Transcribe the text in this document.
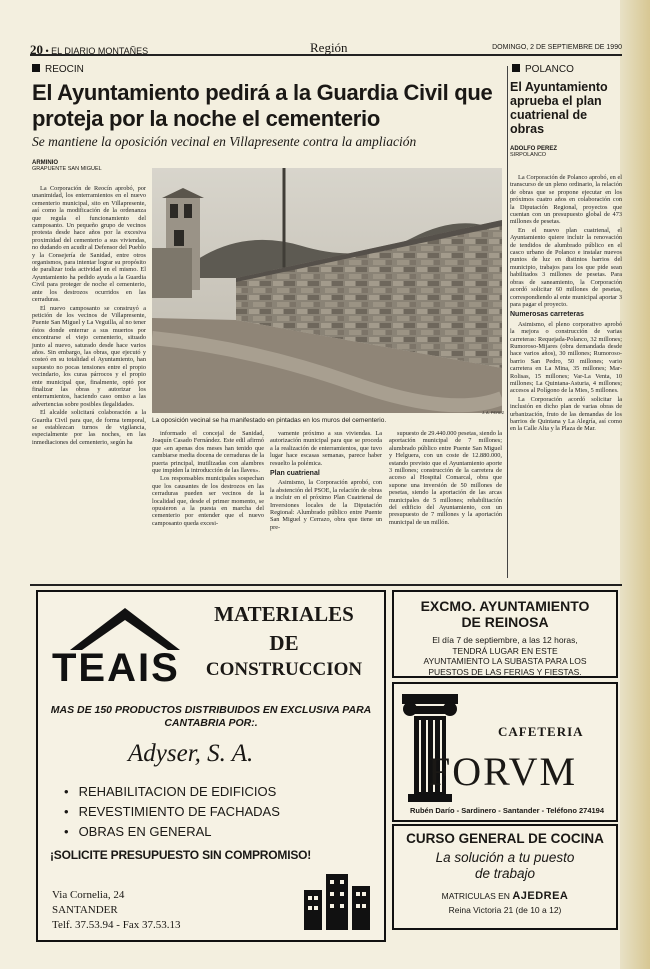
20 • EL DIARIO MONTAÑES	Región	DOMINGO, 2 DE SEPTIEMBRE DE 1990
REOCIN
El Ayuntamiento pedirá a la Guardia Civil que proteja por la noche el cementerio
Se mantiene la oposición vecinal en Villapresente contra la ampliación
ARMINIO
GRAPUENTE SAN MIGUEL

La Corporación de Reocín aprobó, por unanimidad, los enterramientos en el nuevo cementerio municipal, sito en Villapresente, así como la modificación de la ordenanza que regula el funcionamiento del camposanto. Un pequeño grupo de vecinos protesta desde hace años por la excesiva proximidad del cementerio a sus viviendas, no dudando en acudir al Defensor del Pueblo y la Consejería de Sanidad, entre otros organismos, para intentar lograr su propósito de paralizar toda actividad en el mismo. El Ayuntamiento ha pedido ayuda a la Guardia Civil para proteger de noche el cementerio, ante los destrozos ocurridos en las cerraduras.

El nuevo camposanto se construyó a petición de los vecinos de Villapresente, Puente San Miguel y La Veguilla, al no tener éstos donde enterrar a sus muertos por encontrarse el viejo cementerio, situado junto al nuevo, saturado desde hace varios años. Sin embargo, las obras, que ejecutó y costeó en su totalidad el Ayuntamiento, han supuesto no pocas tensiones entre el propio vecindario, los curas párrocos y el propio ente municipal que, finalmente, optó por finalizar las obras y autorizar los enterramientos, haciendo caso omiso a las advertencias sobre posibles ilegalidades.

El alcalde solicitará colaboración a la Guardia Civil para que, de forma temporal, se establezcan turnos de vigilancia, especialmente por las noches, en las inmediaciones del cementerio, según ha

J. A. PEREZ
La oposición vecinal se ha manifestado en pintadas en los muros del cementerio.

informado el concejal de Sanidad, Joaquín Casado Fernández. Este edil afirmó que «en apenas dos meses han tenido que cambiarse media docena de cerraduras de la puerta principal, inutilizadas con alambres que impiden la introducción de las llaves».

Los responsables municipales sospechan que los causantes de los destrozos en las cerraduras pueden ser vecinos de la localidad que, desde el primer momento, se opusieron a la puesta en marcha del cementerio por entender que el nuevo camposanto queda excesi-

vamente próximo a sus viviendas. La autorización municipal para que se proceda a la realización de enterramientos, que tuvo lugar hace escasas semanas, parece haber resuelto la polémica.

Plan cuatrienal

Asimismo, la Corporación aprobó, con la abstención del PSOE, la relación de obras a incluir en el próximo Plan Cuatrienal de Inversiones locales de la Diputación Regional: Alumbrado público entre Puente San Miguel y Cerrazo, obra que tiene un pre-

supuesto de 29.440.000 pesetas, siendo la aportación municipal de 7 millones; alumbrado público entre Puente San Miguel y Helguera, con un coste de 12.880.000, estando previsto que el Ayuntamiento aporte 3 millones; construcción de la carretera de acceso al Hospital Comarcal, obra que supone una inversión de 50 millones de pesetas, siendo la aportación de las arcas municipales de 5 millones; rehabilitación del edificio del Ayuntamiento, con un presupuesto de 7 millones y la aportación municipal de un millón.

POLANCO
El Ayuntamiento aprueba el plan cuatrienal de obras
ADOLFO PEREZ
SIRPOLANCO

La Corporación de Polanco aprobó, en el transcurso de un pleno ordinario, la relación de obras que se propone ejecutar en los próximos cuatro años en colaboración con la Diputación Regional, proyectos que cuentan con un presupuesto global de 473 millones de pesetas.

En el nuevo plan cuatrienal, el Ayuntamiento quiere incluir la renovación de tendidos de alumbrado público en el casco urbano de Polanco e instalar nuevos puntos de luz en distintos barrios del municipio, trabajos para los que pide sean habilitados 3 millones de pesetas. Para obras de saneamiento, la Corporación acordó solicitar 60 millones de pesetas, correspondiendo al ente municipal aportar 3 para pagar el proyecto.

Numerosas carreteras

Asimismo, el pleno corporativo aprobó la mejora o construcción de varias carreteras: Requejada-Polanco, 32 millones; Rumoroso-Mijares (obra demandada desde hace varios años), 30 millones; Rumoroso-barrio San Pedro, 50 millones; vario carretera en La Mina, 35 millones; Mar-Rolisas, 15 millones; Var-La Venta, 10 millones; La Quintana-Asturia, 4 millones; accesos al Polígono de la Mies, 5 millones.

La Corporación acordó solicitar la inclusión en dicho plan de varias obras de urbanización, fruto de las demandas de los barrios de Quintana y La Alegría, así como en la Calle Alta y la Plaza de Mar.

TEAIS
MATERIALES
DE
CONSTRUCCION
MAS DE 150 PRODUCTOS DISTRIBUIDOS EN EXCLUSIVA PARA CANTABRIA POR:.
Adyser, S. A.
• REHABILITACION DE EDIFICIOS
• REVESTIMIENTO DE FACHADAS
• OBRAS EN GENERAL
¡SOLICITE PRESUPUESTO SIN COMPROMISO!
Via Cornelia, 24
SANTANDER
Telf. 37.53.94 - Fax 37.53.13
EXCMO. AYUNTAMIENTO
DE REINOSA
El día 7 de septiembre, a las 12 horas,
TENDRÁ LUGAR EN ESTE
AYUNTAMIENTO LA SUBASTA PARA LOS
PUESTOS DE LAS FERIAS Y FIESTAS.
CAFETERIA
FORVM
Rubén Darío - Sardinero - Santander - Teléfono 274194
CURSO GENERAL DE COCINA
La solución a tu puesto
de trabajo
MATRICULAS EN AJEDREA
Reina Victoria 21 (de 10 a 12)
